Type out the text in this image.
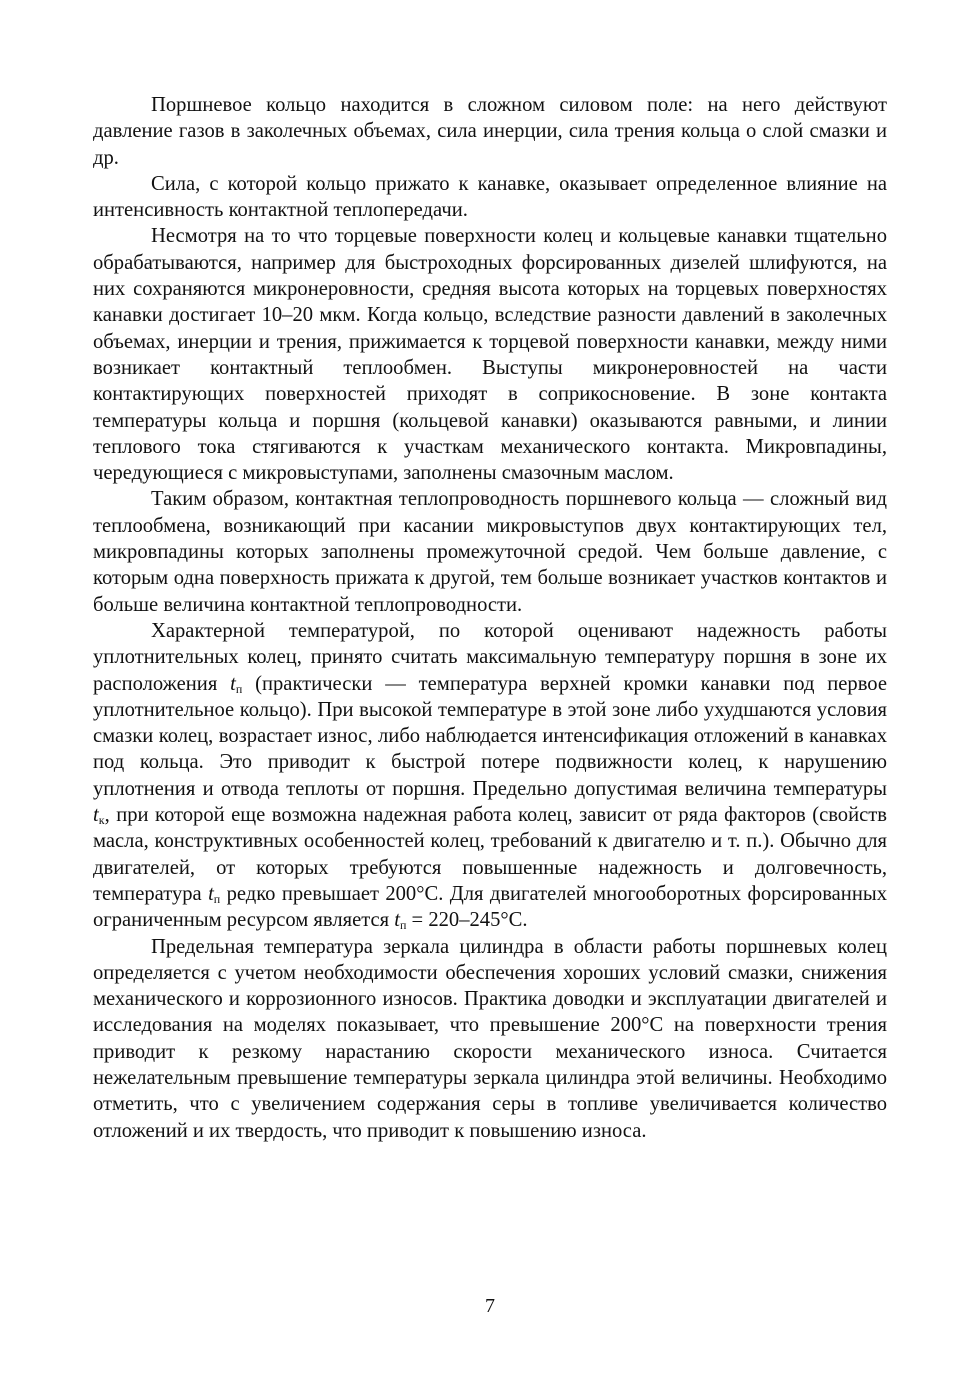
Поршневое кольцо находится в сложном силовом поле: на него действуют давление газов в заколечных объемах, сила инерции, сила трения кольца о слой смазки и др.

Сила, с которой кольцо прижато к канавке, оказывает определенное влияние на интенсивность контактной теплопередачи.

Несмотря на то что торцевые поверхности колец и кольцевые канавки тщательно обрабатываются, например для быстроходных форсированных дизелей шлифуются, на них сохраняются микронеровности, средняя высота которых на торцевых поверхностях канавки достигает 10–20 мкм. Когда кольцо, вследствие разности давлений в заколечных объемах, инерции и трения, прижимается к торцевой поверхности канавки, между ними возникает контактный теплообмен. Выступы микронеровностей на части контактирующих поверхностей приходят в соприкосновение. В зоне контакта температуры кольца и поршня (кольцевой канавки) оказываются равными, и линии теплового тока стягиваются к участкам механического контакта. Микровпадины, чередующиеся с микровыступами, заполнены смазочным маслом.

Таким образом, контактная теплопроводность поршневого кольца — сложный вид теплообмена, возникающий при касании микровыступов двух контактирующих тел, микровпадины которых заполнены промежуточной средой. Чем больше давление, с которым одна поверхность прижата к другой, тем больше возникает участков контактов и больше величина контактной теплопроводности.

Характерной температурой, по которой оценивают надежность работы уплотнительных колец, принято считать максимальную температуру поршня в зоне их расположения $t_п$ (практически — температура верхней кромки канавки под первое уплотнительное кольцо). При высокой температуре в этой зоне либо ухудшаются условия смазки колец, возрастает износ, либо наблюдается интенсификация отложений в канавках под кольца. Это приводит к быстрой потере подвижности колец, к нарушению уплотнения и отвода теплоты от поршня. Предельно допустимая величина температуры $t_к$, при которой еще возможна надежная работа колец, зависит от ряда факторов (свойств масла, конструктивных особенностей колец, требований к двигателю и т. п.). Обычно для двигателей, от которых требуются повышенные надежность и долговечность, температура $t_п$ редко превышает 200°С. Для двигателей многооборотных форсированных ограниченным ресурсом является $t_п = 220-245^\circ С$.

Предельная температура зеркала цилиндра в области работы поршневых колец определяется с учетом необходимости обеспечения хороших условий смазки, снижения механического и коррозионного износов. Практика доводки и эксплуатации двигателей и исследования на моделях показывает, что превышение 200°С на поверхности трения приводит к резкому нарастанию скорости механического износа. Считается нежелательным превышение температуры зеркала цилиндра этой величины. Необходимо отметить, что с увеличением содержания серы в топливе увеличивается количество отложений и их твердость, что приводит к повышению износа.

7
